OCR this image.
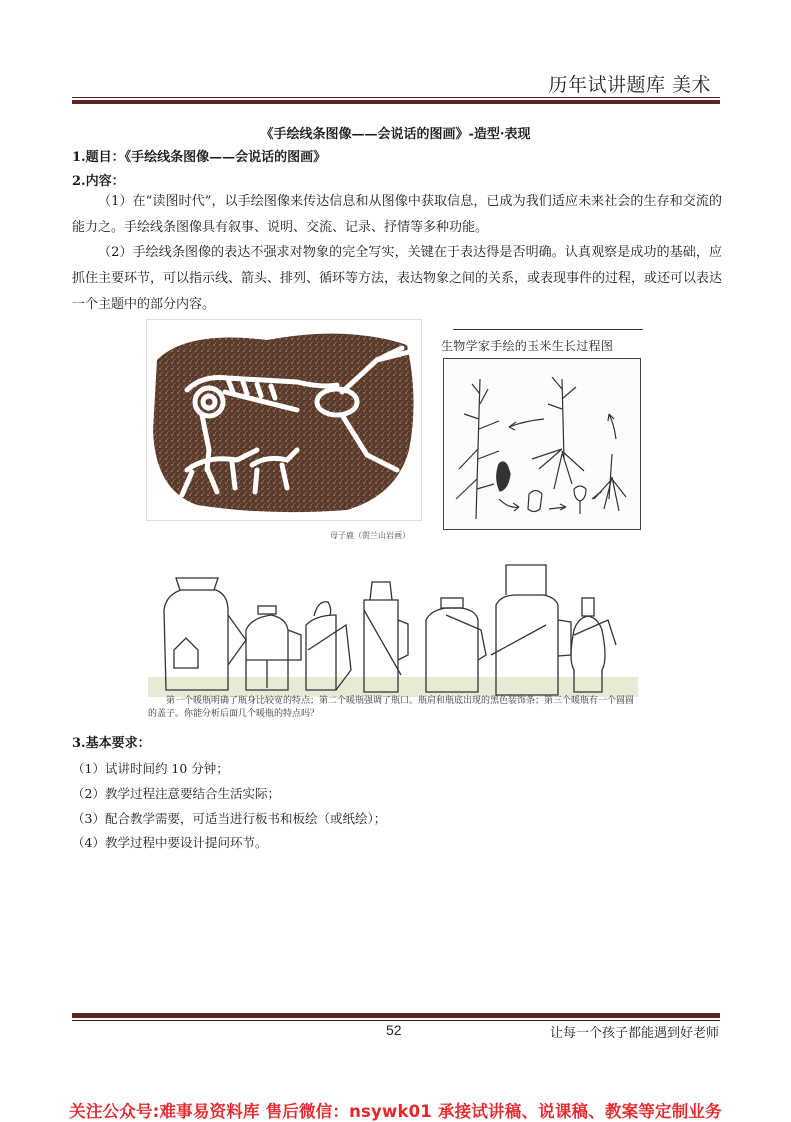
历年试讲题库 美术
《手绘线条图像——会说话的图画》-造型·表现
1.题目：《手绘线条图像——会说话的图画》
2.内容：
（1）在“读图时代”，以手绘图像来传达信息和从图像中获取信息，已成为我们适应未来社会的生存和交流的能力之。手绘线条图像具有叙事、说明、交流、记录、抒情等多种功能。
（2）手绘线条图像的表达不强求对物象的完全写实，关键在于表达得是否明确。认真观察是成功的基础，应抓住主要环节，可以指示线、箭头、排列、循环等方法，表达物象之间的关系，或表现事件的过程，或还可以表达一个主题中的部分内容。
母子鹿（贺兰山岩画）
生物学家手绘的玉米生长过程图
第一个暖瓶明确了瓶身比较宽的特点；第二个暖瓶强调了瓶口、瓶肩和瓶底出现的黑色装饰条；第三个暖瓶有一个圆圆的盖子。你能分析后面几个暖瓶的特点吗？
3.基本要求：
（1）试讲时间约 10 分钟；
（2）教学过程注意要结合生活实际；
（3）配合教学需要，可适当进行板书和板绘（或纸绘）；
（4）教学过程中要设计提问环节。
52	让每一个孩子都能遇到好老师
关注公众号:难事易资料库 售后微信：nsywk01 承接试讲稿、说课稿、教案等定制业务
